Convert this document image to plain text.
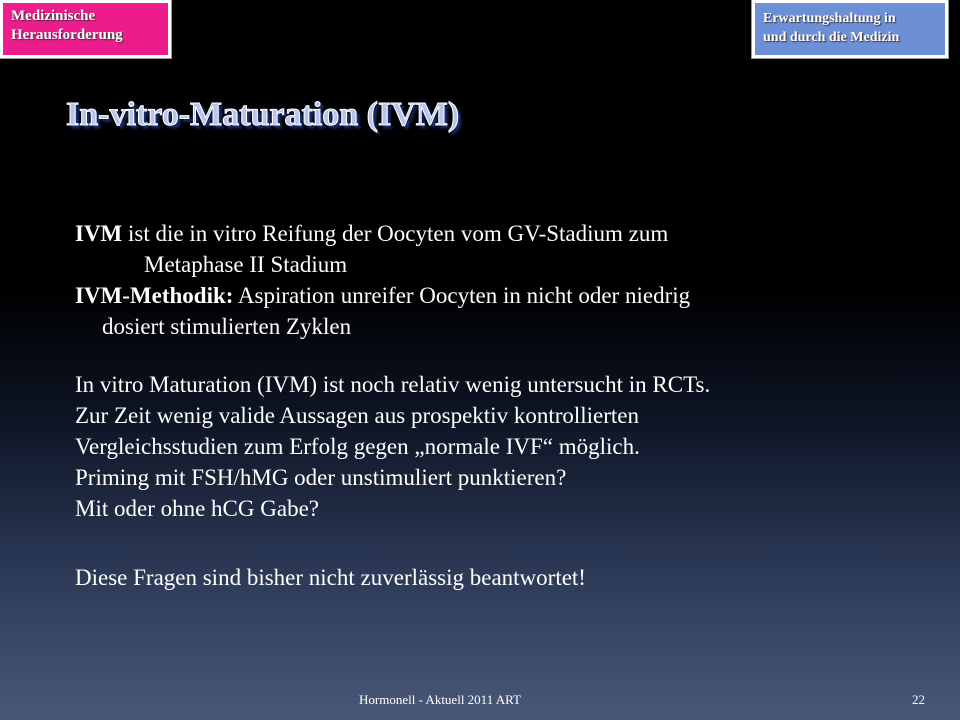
Medizinische
Herausforderung
Erwartungshaltung in
und durch die Medizin
In-vitro-Maturation (IVM)
IVM ist die in vitro Reifung der Oocyten vom GV-Stadium zum
Metaphase II Stadium
IVM-Methodik: Aspiration unreifer Oocyten in nicht oder niedrig
dosiert stimulierten Zyklen
In vitro Maturation (IVM) ist noch relativ wenig untersucht in RCTs.
Zur Zeit wenig valide Aussagen aus prospektiv kontrollierten
Vergleichsstudien zum Erfolg gegen „normale IVF“ möglich.
Priming mit FSH/hMG oder unstimuliert punktieren?
Mit oder ohne hCG Gabe?
Diese Fragen sind bisher nicht zuverlässig beantwortet!
Hormonell - Aktuell 2011 ART	22
